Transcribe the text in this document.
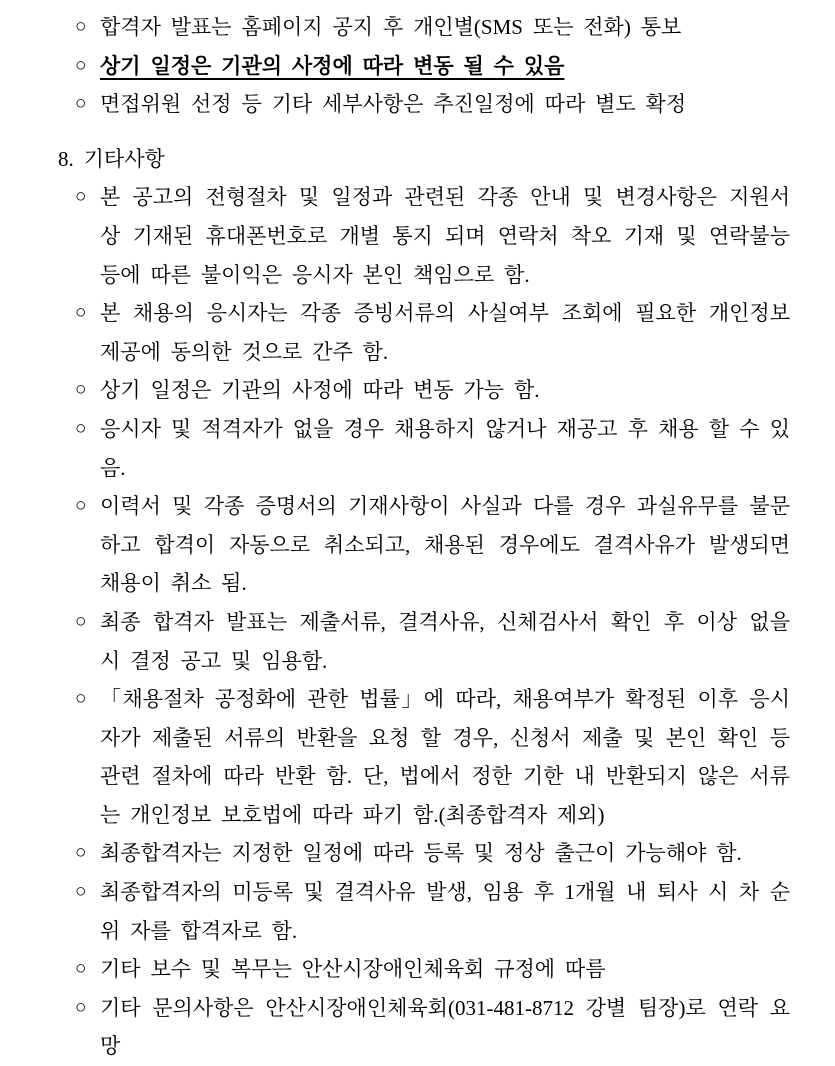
○ 합격자 발표는 홈페이지 공지 후 개인별(SMS 또는 전화) 통보
○ 상기 일정은 기관의 사정에 따라 변동 될 수 있음
○ 면접위원 선정 등 기타 세부사항은 추진일정에 따라 별도 확정
8. 기타사항
○ 본 공고의 전형절차 및 일정과 관련된 각종 안내 및 변경사항은 지원서 상 기재된 휴대폰번호로 개별 통지 되며 연락처 착오 기재 및 연락불능 등에 따른 불이익은 응시자 본인 책임으로 함.
○ 본 채용의 응시자는 각종 증빙서류의 사실여부 조회에 필요한 개인정보 제공에 동의한 것으로 간주 함.
○ 상기 일정은 기관의 사정에 따라 변동 가능 함.
○ 응시자 및 적격자가 없을 경우 채용하지 않거나 재공고 후 채용 할 수 있음.
○ 이력서 및 각종 증명서의 기재사항이 사실과 다를 경우 과실유무를 불문하고 합격이 자동으로 취소되고, 채용된 경우에도 결격사유가 발생되면 채용이 취소 됨.
○ 최종 합격자 발표는 제출서류, 결격사유, 신체검사서 확인 후 이상 없을 시 결정 공고 및 임용함.
○ 「채용절차 공정화에 관한 법률」에 따라, 채용여부가 확정된 이후 응시자가 제출된 서류의 반환을 요청 할 경우, 신청서 제출 및 본인 확인 등 관련 절차에 따라 반환 함. 단, 법에서 정한 기한 내 반환되지 않은 서류는 개인정보 보호법에 따라 파기 함.(최종합격자 제외)
○ 최종합격자는 지정한 일정에 따라 등록 및 정상 출근이 가능해야 함.
○ 최종합격자의 미등록 및 결격사유 발생, 임용 후 1개월 내 퇴사 시 차 순위 자를 합격자로 함.
○ 기타 보수 및 복무는 안산시장애인체육회 규정에 따름
○ 기타 문의사항은 안산시장애인체육회(031-481-8712 강별 팀장)로 연락 요망
